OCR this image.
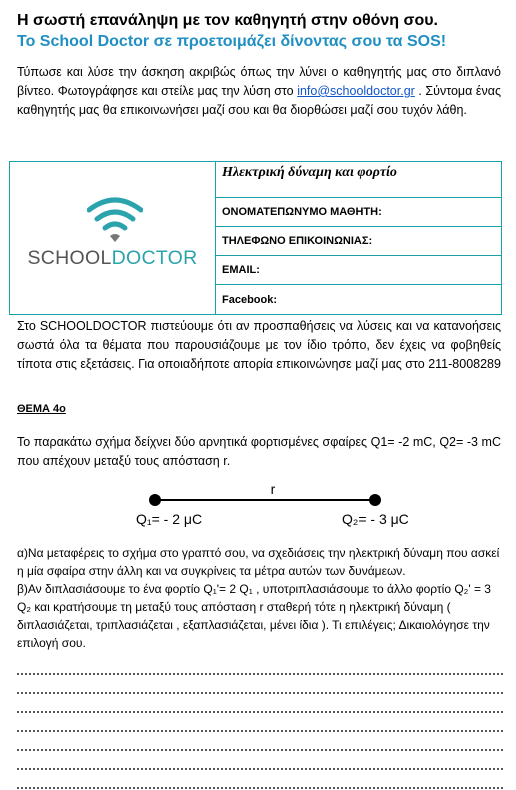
Η σωστή επανάληψη με τον καθηγητή στην οθόνη σου.
Το School Doctor σε προετοιμάζει δίνοντας σου τα SOS!
Τύπωσε και λύσε την άσκηση ακριβώς όπως την λύνει ο καθηγητής μας στο διπλανό βίντεο. Φωτογράφησε και στείλε μας την λύση στο info@schooldoctor.gr . Σύντομα ένας καθηγητής μας θα επικοινωνήσει μαζί σου και θα διορθώσει μαζί σου τυχόν λάθη.
SCHOOLDOCTOR
Ηλεκτρική δύναμη και φορτίο
ΟΝΟΜΑΤΕΠΩΝΥΜΟ ΜΑΘΗΤΗ:
ΤΗΛΕΦΩΝΟ ΕΠΙΚΟΙΝΩΝΙΑΣ:
EMAIL:
Facebook:
Στο SCHOOLDOCTOR πιστεύουμε ότι αν προσπαθήσεις να λύσεις και να κατανοήσεις σωστά όλα τα θέματα που παρουσιάζουμε με τον ίδιο τρόπο, δεν έχεις να φοβηθείς τίποτα στις εξετάσεις. Για οποιαδήποτε απορία επικοινώνησε μαζί μας στο 211-8008289
ΘΕΜΑ 4ο
Το παρακάτω σχήμα δείχνει δύο αρνητικά φορτισμένες σφαίρες Q1= -2 mC, Q2= -3 mC που απέχουν μεταξύ τους απόσταση r.
r
Q₁= - 2 μC	Q₂= - 3 μC
α)Να μεταφέρεις το σχήμα στο γραπτό σου, να σχεδιάσεις την ηλεκτρική δύναμη που ασκεί η μία σφαίρα στην άλλη και να συγκρίνεις τα μέτρα αυτών των δυνάμεων.
β)Αν διπλασιάσουμε το ένα φορτίο Q₁'= 2 Q₁ , υποτριπλασιάσουμε το άλλο φορτίο Q₂' = 3 Q₂ και κρατήσουμε τη μεταξύ τους απόσταση r σταθερή τότε η ηλεκτρική δύναμη ( διπλασιάζεται, τριπλασιάζεται , εξαπλασιάζεται, μένει ίδια ). Τι επιλέγεις; Δικαιολόγησε την επιλογή σου.
